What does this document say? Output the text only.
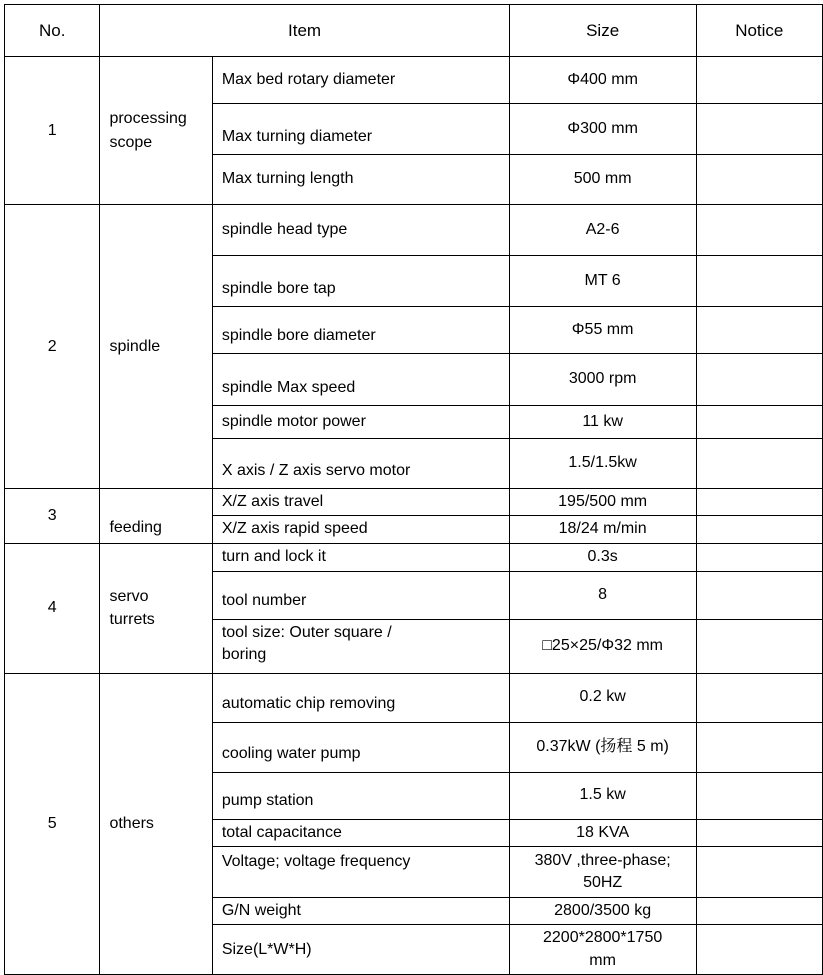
No.	Item		Size	Notice
1	processing scope	Max bed rotary diameter	Φ400 mm	
		Max turning diameter	Φ300 mm	
		Max turning length	500 mm	
2	spindle	spindle head type	A2-6	
		spindle bore tap	MT 6	
		spindle bore diameter	Φ55 mm	
		spindle Max speed	3000 rpm	
		spindle motor power	11 kw	
		X axis / Z axis servo motor	1.5/1.5kw	
3	feeding	X/Z axis travel	195/500 mm	
		X/Z axis rapid speed	18/24 m/min	
4	servo turrets	turn and lock it	0.3s	
		tool number	8	
		tool size: Outer square / boring	□25×25/Φ32 mm	
5	others	automatic chip removing	0.2 kw	
		cooling water pump	0.37kW (扬程 5 m)	
		pump station	1.5 kw	
		total capacitance	18 KVA	
		Voltage; voltage frequency	380V ,three-phase; 50HZ	
		G/N weight	2800/3500 kg	
		Size(L*W*H)	2200*2800*1750 mm	
